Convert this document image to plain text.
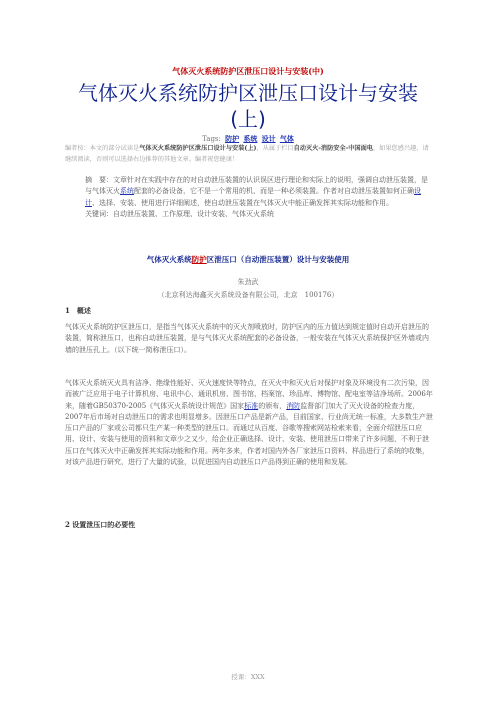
气体灭火系统防护区泄压口设计与安装(中)
气体灭火系统防护区泄压口设计与安装
(上)
Tags: 防护 系统 设计 气体
编者按：本文的部分试读是气体灭火系统防护区泄压口设计与安装(上)，从属于栏目自动灭火-消防安全-中国面电，如果您感兴趣，请继续阅读，否则可以选择右边推荐的其他文章。编者祝您健康！
摘　要：文章针对在实践中存在的对自动泄压装置的认识误区进行理论和实际上的说明，强调自动泄压装置，是与气体灭火系统配套的必备设备，它不是一个常用的机，而是一种必须装置。作者对自动泄压装置如何正确设计、选择、安装、使用进行详细阐述，使自动泄压装置在气体灭火中能正确发挥其实际功能和作用。
关键词：自动泄压装置、工作原理、设计安装、气体灭火系统
气体灭火系统防护区泄压口（自动泄压装置）设计与安装使用
朱劲武
（北京利达海鑫灭火系统设备有限公司，北京　100176）
1　概述
气体灭火系统防护区泄压口，是指当气体灭火系统中的灭火剂喷放时，防护区内的压力值达到规定值时自动开启泄压的装置，简称泄压口，也称自动泄压装置，是与气体灭火系统配套的必备设备，一般安装在气体灭火系统保护区外墙或内墙的泄压孔上。（以下统一简称泄压口）。
气体灭火系统灭火具有洁净、绝缘性能好、灭火速度快等特点，在灭火中和灭火后对保护对象及环境没有二次污染，因而被广泛应用于电子计算机房、电讯中心、通讯机房、图书馆、档案馆、珍品库、博物馆、配电室等洁净场所。2006年来，随着GB50370-2005《气体灭火系统设计规范》国家标准的颁布，消防监督部门加大了灭火设备的检查力度，2007年后市场对自动泄压口的需求也明显增多。因泄压口产品是新产品，目前国家、行业尚无统一标准，大多数生产泄压口产品的厂家或公司都只生产某一种类型的泄压口。而通过从百度、谷歌等搜索网站检索来看，全面介绍泄压口应用、设计、安装与使用的资料和文章少之又少，给企业正确选择、设计、安装、使用泄压口带来了许多问题，不利于泄压口在气体灭火中正确发挥其实际功能和作用。两年多来，作者对国内外各厂家泄压口资料、样品进行了系统的收集，对该产品进行研究，进行了大量的试验，以促进国内自动泄压口产品得到正确的使用和发展。
2 设置泄压口的必要性
授课：XXX
